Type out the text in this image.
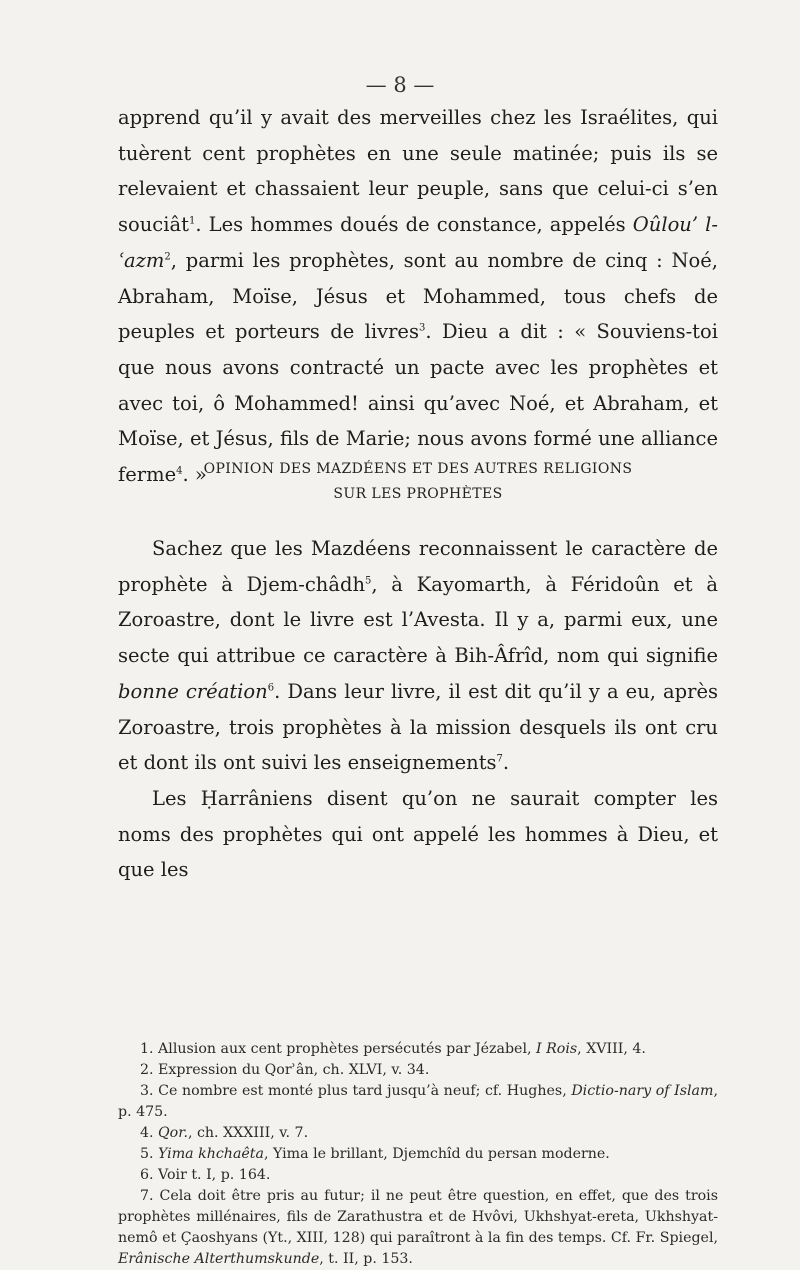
— 8 —

apprend qu’il y avait des merveilles chez les Israélites, qui tuèrent cent prophètes en une seule matinée; puis ils se relevaient et chassaient leur peuple, sans que celui-ci s’en souciât$^1$. Les hommes doués de constance, appelés Oûlou’ l-ʿazm$^2$, parmi les prophètes, sont au nombre de cinq : Noé, Abraham, Moïse, Jésus et Mohammed, tous chefs de peuples et porteurs de livres$^3$. Dieu a dit : « Souviens-toi que nous avons contracté un pacte avec les prophètes et avec toi, ô Mohammed! ainsi qu’avec Noé, et Abraham, et Moïse, et Jésus, fils de Marie; nous avons formé une alliance ferme$^4$. »

OPINION DES MAZDÉENS ET DES AUTRES RELIGIONS
SUR LES PROPHÈTES

Sachez que les Mazdéens reconnaissent le caractère de prophète à Djem-châdh$^5$, à Kayomarth, à Féridoûn et à Zoroastre, dont le livre est l’Avesta. Il y a, parmi eux, une secte qui attribue ce caractère à Bih-Âfrîd, nom qui signifie bonne création$^6$. Dans leur livre, il est dit qu’il y a eu, après Zoroastre, trois prophètes à la mission desquels ils ont cru et dont ils ont suivi les enseignements$^7$.

Les Ḥarrâniens disent qu’on ne saurait compter les noms des prophètes qui ont appelé les hommes à Dieu, et que les

1. Allusion aux cent prophètes persécutés par Jézabel, I Rois, XVIII, 4.

2. Expression du Qorʾân, ch. XLVI, v. 34.

3. Ce nombre est monté plus tard jusqu’à neuf; cf. Hughes, Dictio-nary of Islam, p. 475.

4. Qor., ch. XXXIII, v. 7.

5. Yima khchaêta, Yima le brillant, Djemchîd du persan moderne.

6. Voir t. I, p. 164.

7. Cela doit être pris au futur; il ne peut être question, en effet, que des trois prophètes millénaires, fils de Zarathustra et de Hvôvi, Ukhshyat-ereta, Ukhshyat-nemô et Çaoshyans (Yt., XIII, 128) qui paraîtront à la fin des temps. Cf. Fr. Spiegel, Erânische Alterthumskunde, t. II, p. 153.
